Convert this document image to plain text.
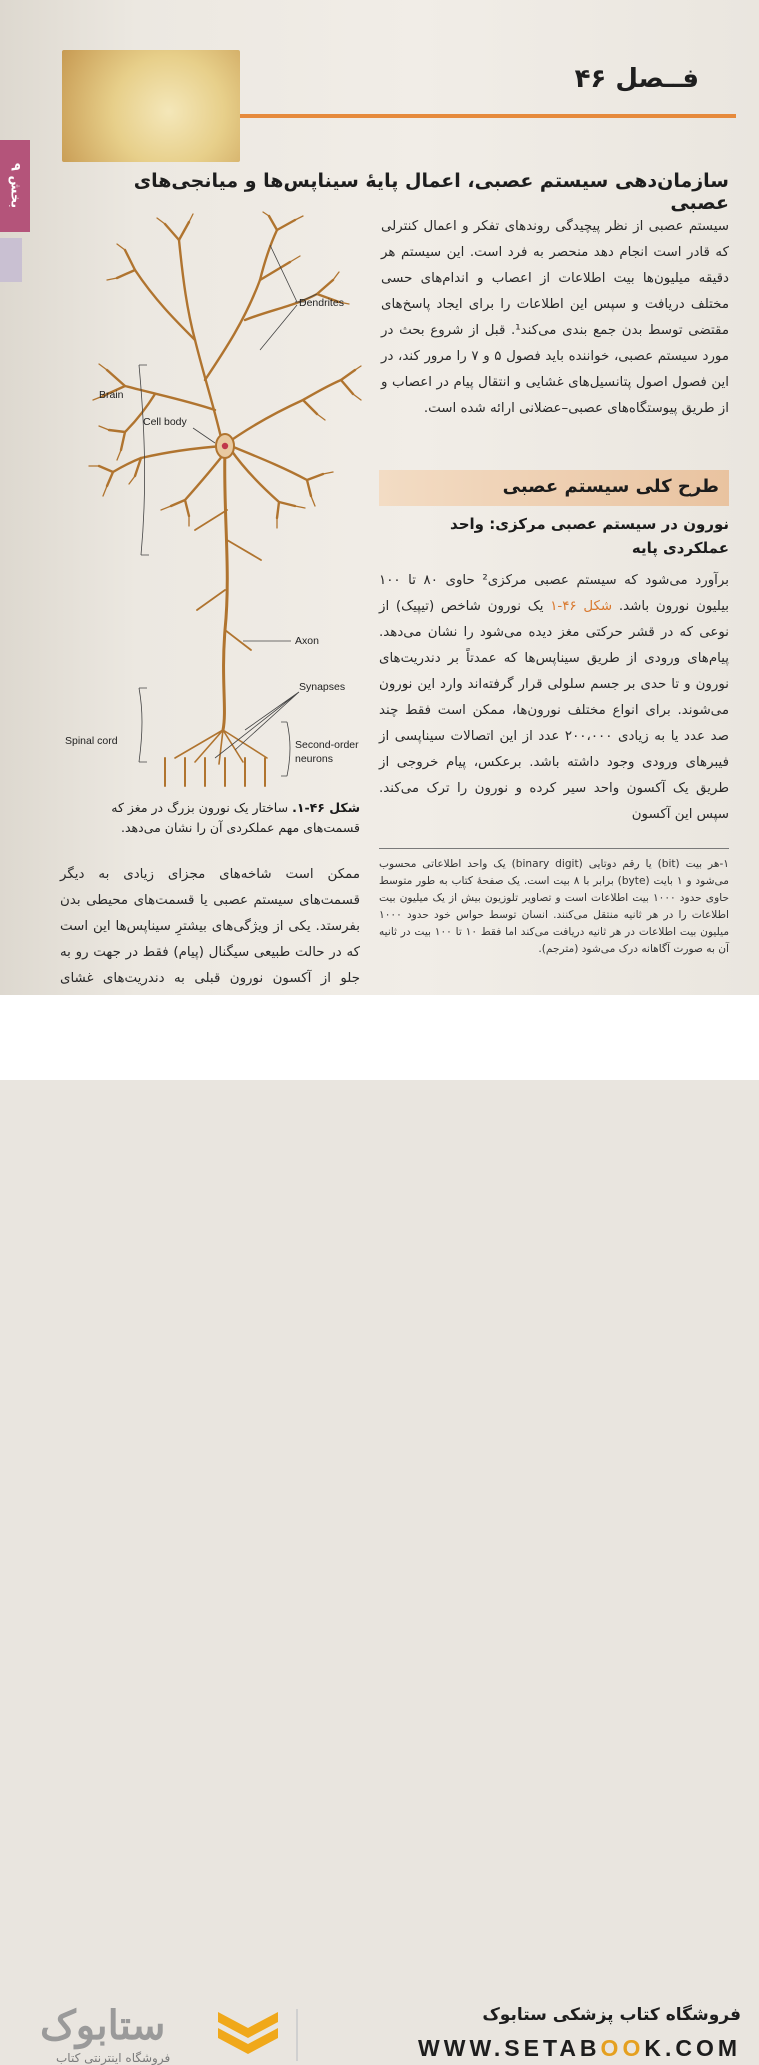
فــصل ۴۶
بخش ۹	سازمان‌دهی سیستم عصبی، اعمال پایهٔ سیناپس‌ها و میانجی‌های عصبی
سیستم عصبی از نظر پیچیدگی روندهای تفکر و اعمال کنترلی که قادر است انجام دهد منحصر به فرد است. این سیستم هر دقیقه میلیون‌ها بیت اطلاعات از اعصاب و اندام‌های حسی مختلف دریافت و سپس این اطلاعات را برای ایجاد پاسخ‌های مقتضی توسط بدن جمع بندی می‌کند¹. قبل از شروع بحث در مورد سیستم عصبی، خواننده باید فصول ۵ و ۷ را مرور کند، در این فصول اصول پتانسیل‌های غشایی و انتقال پیام در اعصاب و از طریق پیوستگاه‌های عصبی–عضلانی ارائه شده است.
طرح کلی سیستم عصبی
نورون در سیستم عصبی مرکزی: واحد عملکردی پایه
برآورد می‌شود که سیستم عصبی مرکزی² حاوی ۸۰ تا ۱۰۰ بیلیون نورون باشد. شکل ۴۶-۱ یک نورون شاخص (تیپیک) از نوعی که در قشر حرکتی مغز دیده می‌شود را نشان می‌دهد. پیام‌های ورودی از طریق سیناپس‌ها که عمدتاً بر دندریت‌های نورون و تا حدی بر جسم سلولی قرار گرفته‌اند وارد این نورون می‌شوند. برای انواع مختلف نورون‌ها، ممکن است فقط چند صد عدد یا به زیادی ۲۰۰،۰۰۰ عدد از این اتصالات سیناپسی از فیبرهای ورودی وجود داشته باشد. برعکس، پیام خروجی از طریق یک آکسون واحد سیر کرده و نورون را ترک می‌کند. سپس این آکسون
۱-هر بیت (bit) یا رقم دوتایی (binary digit) یک واحد اطلاعاتی محسوب می‌شود و ۱ بایت (byte) برابر با ۸ بیت است. یک صفحهٔ کتاب به طور متوسط حاوی حدود ۱۰۰۰ بیت اطلاعات است و تصاویر تلوزیون بیش از یک میلیون بیت اطلاعات را در هر ثانیه منتقل می‌کنند. انسان توسط حواس خود حدود ۱۰۰۰ میلیون بیت اطلاعات در هر ثانیه دریافت می‌کند اما فقط ۱۰ تا ۱۰۰ بیت در ثانیه آن به صورت آگاهانه درک می‌شود (مترجم).
Dendrites
Brain
Cell body
Axon
Synapses
Spinal cord	Second-order
neurons
شکل ۴۶-۱. ساختار یک نورون بزرگ در مغز که قسمت‌های مهم عملکردی آن را نشان می‌دهد.
ممکن است شاخه‌های مجزای زیادی به دیگر قسمت‌های سیستم عصبی یا قسمت‌های محیطی بدن بفرستد. یکی از ویژگی‌های بیشترِ سیناپس‌ها این است که در حالت طبیعی سیگنال (پیام) فقط در جهت رو به جلو از آکسون نورون قبلی به دندریت‌های غشای
ستابوک
فروشگاه اینترنتی کتاب
فروشگاه کتاب پزشکی ستابوک
WWW.SETABOOK.COM
